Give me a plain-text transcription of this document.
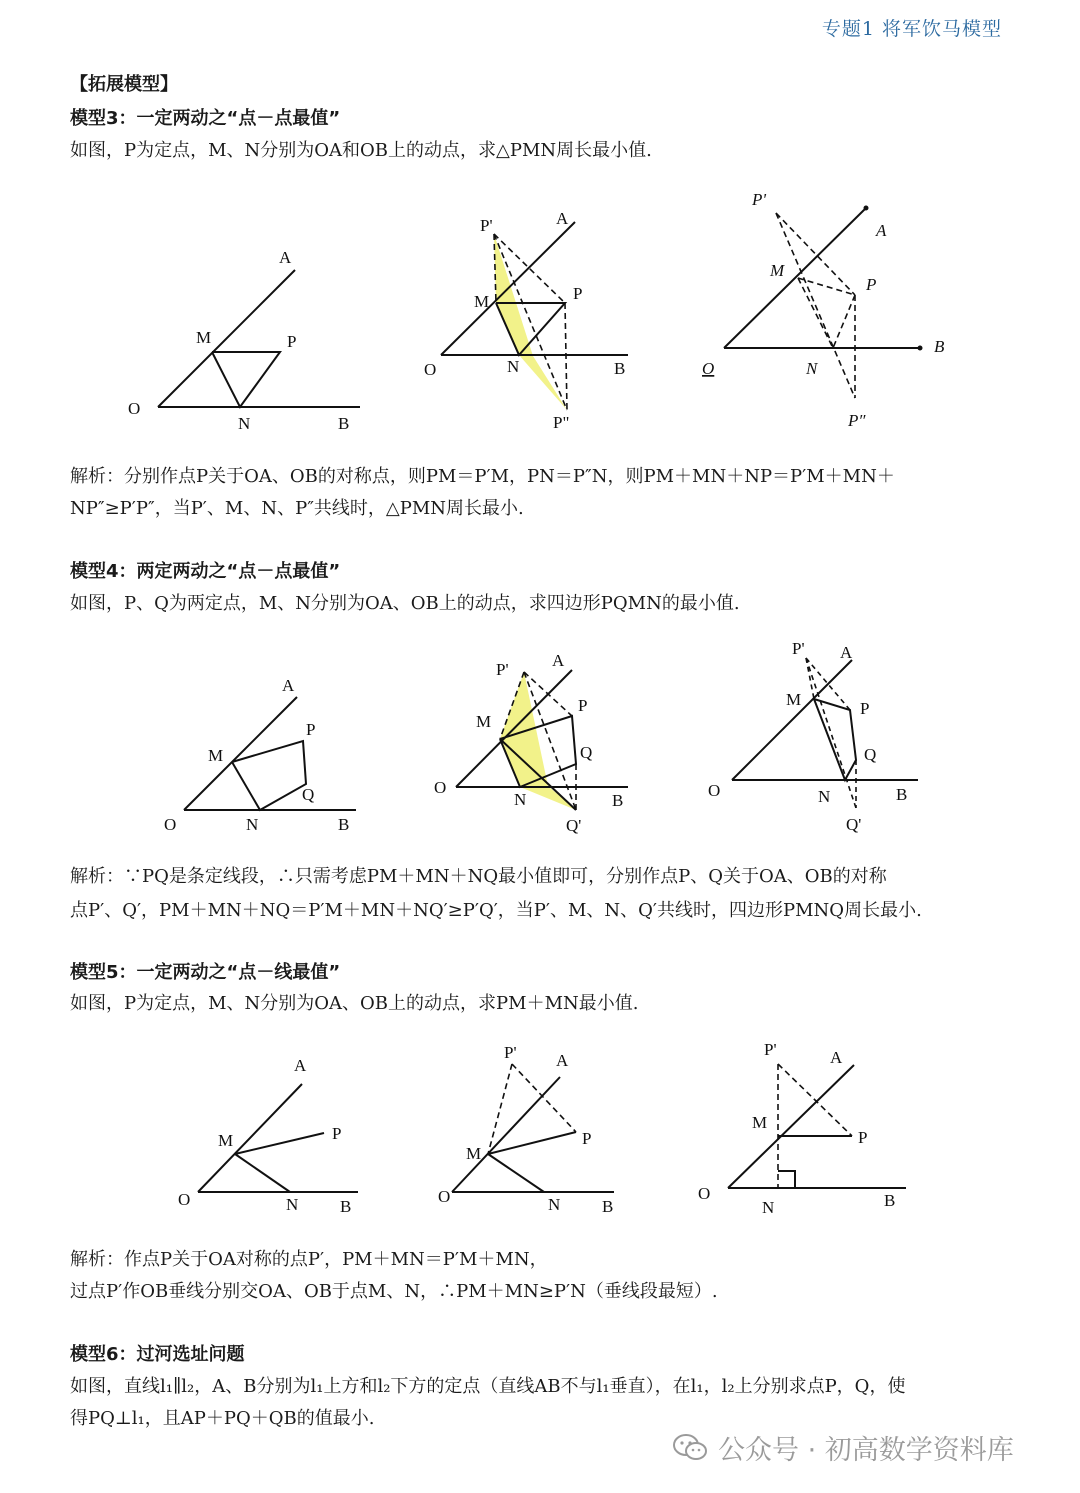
专题1 将军饮马模型
【拓展模型】
模型3：一定两动之“点－点最值”
如图，P为定点，M、N分别为OA和OB上的动点，求△PMN周长最小值.
A
M	P
O
N	B
P'	A
M	P
O	N	B
P"
P'
A
M
P
B
O	N
P″
A
M
P
Q
O	N	B
P'	A
M
P
Q
O
N	B
Q'
P' A
M	P
Q
O	N	B
Q'
A
M	P
O	N B
P' A
M
P
O	N B
P'	A
M
P
O
N	B
解析：分别作点P关于OA、OB的对称点，则PM＝P′M，PN＝P″N，则PM＋MN＋NP＝P′M＋MN＋
NP″≥P′P″，当P′、M、N、P″共线时，△PMN周长最小.
模型4：两定两动之“点－点最值”
如图，P、Q为两定点，M、N分别为OA、OB上的动点，求四边形PQMN的最小值.
解析：∵PQ是条定线段，∴只需考虑PM＋MN＋NQ最小值即可，分别作点P、Q关于OA、OB的对称
点P′、Q′，PM＋MN＋NQ＝P′M＋MN＋NQ′≥P′Q′，当P′、M、N、Q′共线时，四边形PMNQ周长最小.
模型5：一定两动之“点－线最值”
如图，P为定点，M、N分别为OA、OB上的动点，求PM＋MN最小值.
解析：作点P关于OA对称的点P′，PM＋MN＝P′M＋MN，
过点P′作OB垂线分别交OA、OB于点M、N，∴PM＋MN≥P′N（垂线段最短）.
模型6：过河选址问题
如图，直线l₁∥l₂，A、B分别为l₁上方和l₂下方的定点（直线AB不与l₁垂直），在l₁，l₂上分别求点P，Q，使
得PQ⊥l₁，且AP＋PQ＋QB的值最小.
公众号 · 初高数学资料库
